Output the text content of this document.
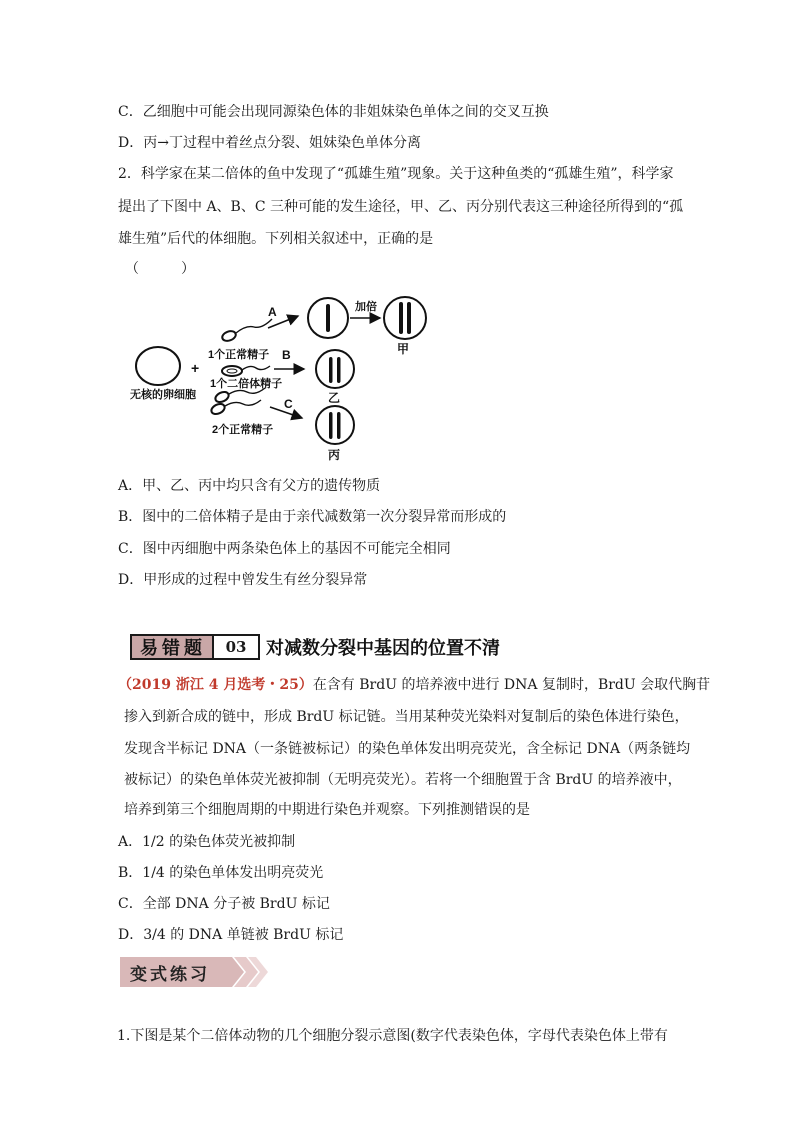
C．乙细胞中可能会出现同源染色体的非姐妹染色单体之间的交叉互换
D．丙→丁过程中着丝点分裂、姐妹染色单体分离
2．科学家在某二倍体的鱼中发现了“孤雄生殖”现象。关于这种鱼类的“孤雄生殖”，科学家
提出了下图中 A、B、C 三种可能的发生途径，甲、乙、丙分别代表这三种途径所得到的“孤
雄生殖”后代的体细胞。下列相关叙述中，正确的是
（　　　）
无核的卵细胞
+
A
B
C
1个正常精子
1个二倍体精子
2个正常精子
加倍
甲
乙
丙
A．甲、乙、丙中均只含有父方的遗传物质
B．图中的二倍体精子是由于亲代减数第一次分裂异常而形成的
C．图中丙细胞中两条染色体上的基因不可能完全相同
D．甲形成的过程中曾发生有丝分裂异常
易错题	03	对减数分裂中基因的位置不清
（2019 浙江 4 月选考・25）在含有 BrdU 的培养液中进行 DNA 复制时，BrdU 会取代胸苷
掺入到新合成的链中，形成 BrdU 标记链。当用某种荧光染料对复制后的染色体进行染色，
发现含半标记 DNA（一条链被标记）的染色单体发出明亮荧光，含全标记 DNA（两条链均
被标记）的染色单体荧光被抑制（无明亮荧光）。若将一个细胞置于含 BrdU 的培养液中，
培养到第三个细胞周期的中期进行染色并观察。下列推测错误的是
A．1/2 的染色体荧光被抑制
B．1/4 的染色单体发出明亮荧光
C．全部 DNA 分子被 BrdU 标记
D．3/4 的 DNA 单链被 BrdU 标记
变式练习
1.下图是某个二倍体动物的几个细胞分裂示意图(数字代表染色体，字母代表染色体上带有
